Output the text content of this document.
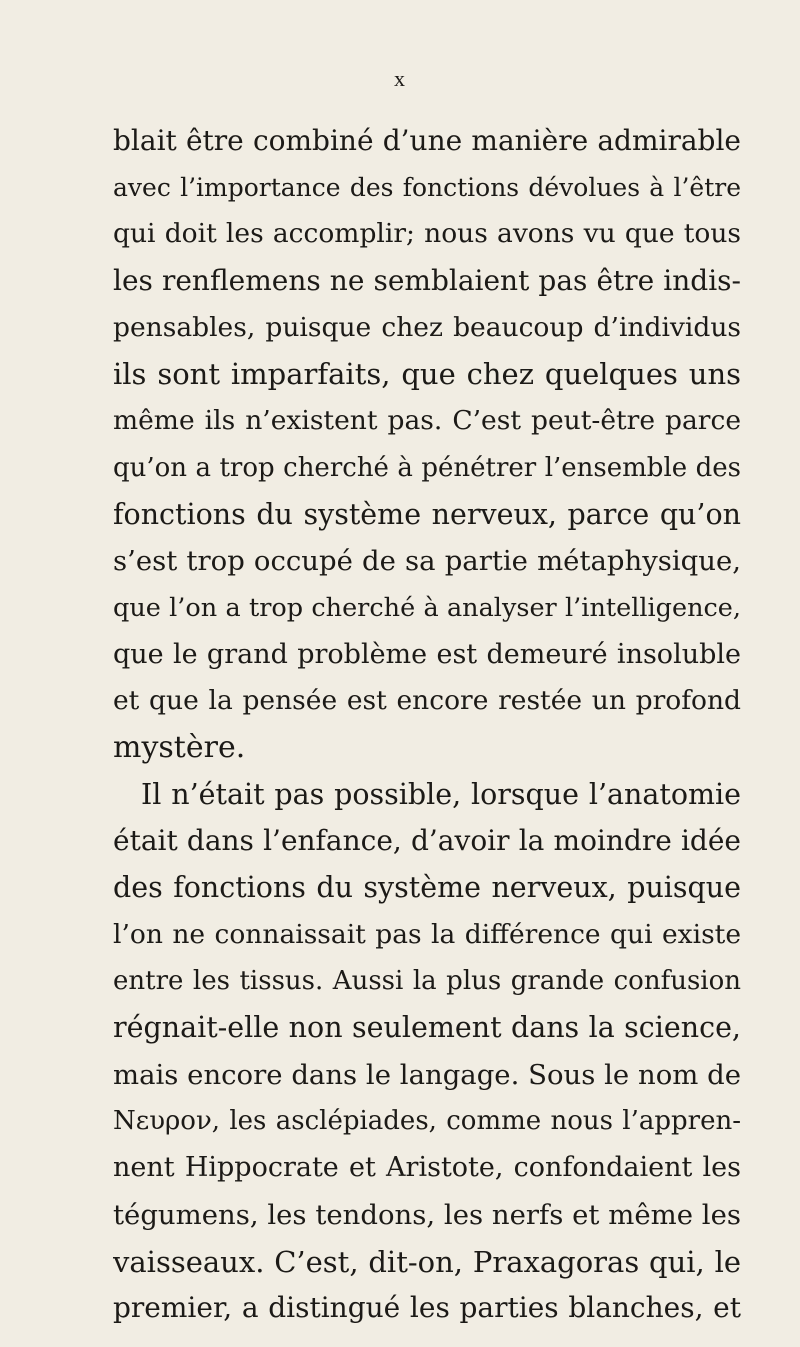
x
blait être combiné d’une manière admirable
avec l’importance des fonctions dévolues à l’être
qui doit les accomplir; nous avons vu que tous
les renflemens ne semblaient pas être indis-
pensables, puisque chez beaucoup d’individus
ils sont imparfaits, que chez quelques uns
même ils n’existent pas. C’est peut-être parce
qu’on a trop cherché à pénétrer l’ensemble des
fonctions du système nerveux, parce qu’on
s’est trop occupé de sa partie métaphysique,
que l’on a trop cherché à analyser l’intelligence,
que le grand problème est demeuré insoluble
et que la pensée est encore restée un profond
mystère.
Il n’était pas possible, lorsque l’anatomie
était dans l’enfance, d’avoir la moindre idée
des fonctions du système nerveux, puisque
l’on ne connaissait pas la différence qui existe
entre les tissus. Aussi la plus grande confusion
régnait-elle non seulement dans la science,
mais encore dans le langage. Sous le nom de
Νευρον, les asclépiades, comme nous l’appren-
nent Hippocrate et Aristote, confondaient les
tégumens, les tendons, les nerfs et même les
vaisseaux. C’est, dit-on, Praxagoras qui, le
premier, a distingué les parties blanches, et
